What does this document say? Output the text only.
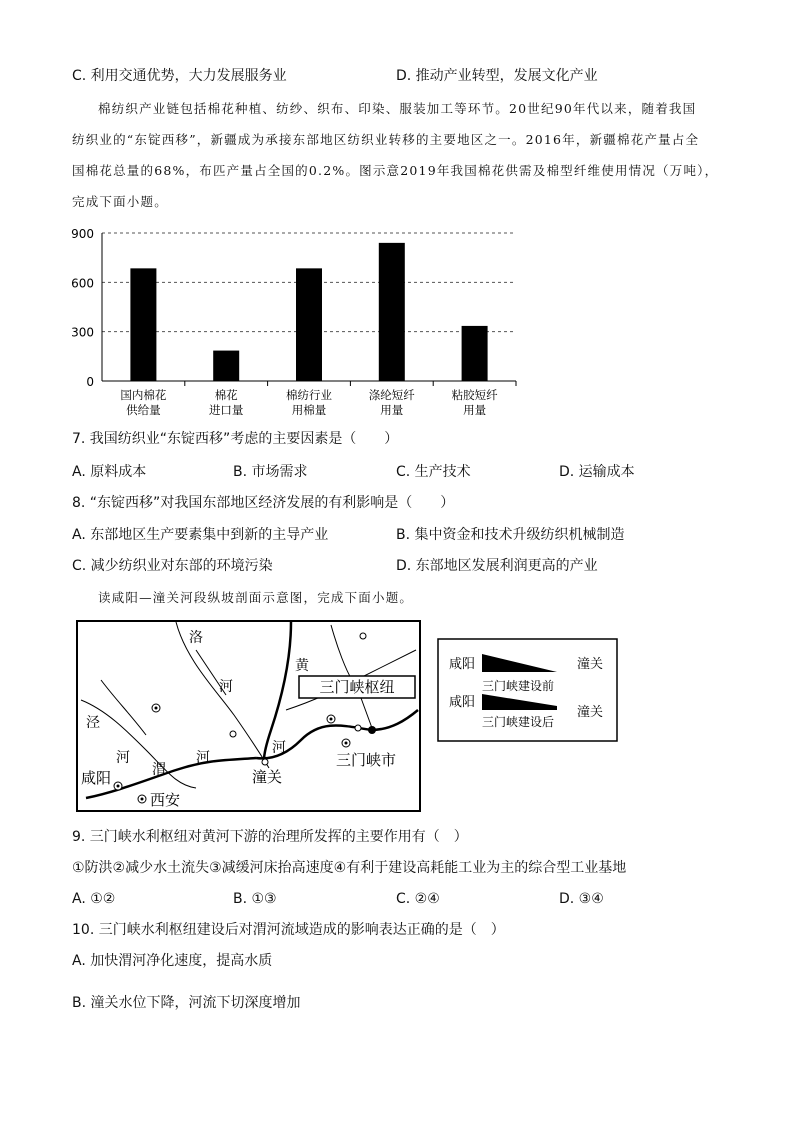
C. 利用交通优势，大力发展服务业	D. 推动产业转型，发展文化产业
棉纺织产业链包括棉花种植、纺纱、织布、印染、服装加工等环节。20世纪90年代以来，随着我国
纺织业的“东锭西移”，新疆成为承接东部地区纺织业转移的主要地区之一。2016年，新疆棉花产量占全
国棉花总量的68%，布匹产量占全国的0.2%。图示意2019年我国棉花供需及棉型纤维使用情况（万吨），
完成下面小题。
0
300
600
900
国内棉花
供给量
棉花
进口量
棉纺行业
用棉量
涤纶短纤
用量
粘胶短纤
用量
7. 我国纺织业“东锭西移”考虑的主要因素是（　　）
A. 原料成本	B. 市场需求	C. 生产技术	D. 运输成本
8. “东锭西移”对我国东部地区经济发展的有利影响是（　　）
A. 东部地区生产要素集中到新的主导产业	B. 集中资金和技术升级纺织机械制造
C. 减少纺织业对东部的环境污染	D. 东部地区发展利润更高的产业
读咸阳—潼关河段纵坡剖面示意图，完成下面小题。
三门峡枢纽
洛
河
黄
泾
河
渭
河
河
潼关
三门峡市
咸阳
西安
咸阳	潼关
三门峡建设前
咸阳
潼关
三门峡建设后
9. 三门峡水利枢纽对黄河下游的治理所发挥的主要作用有（　）
①防洪②减少水土流失③减缓河床抬高速度④有利于建设高耗能工业为主的综合型工业基地
A. ①②	B. ①③	C. ②④	D. ③④
10. 三门峡水利枢纽建设后对渭河流域造成的影响表达正确的是（　）
A. 加快渭河净化速度，提高水质
B. 潼关水位下降，河流下切深度增加
